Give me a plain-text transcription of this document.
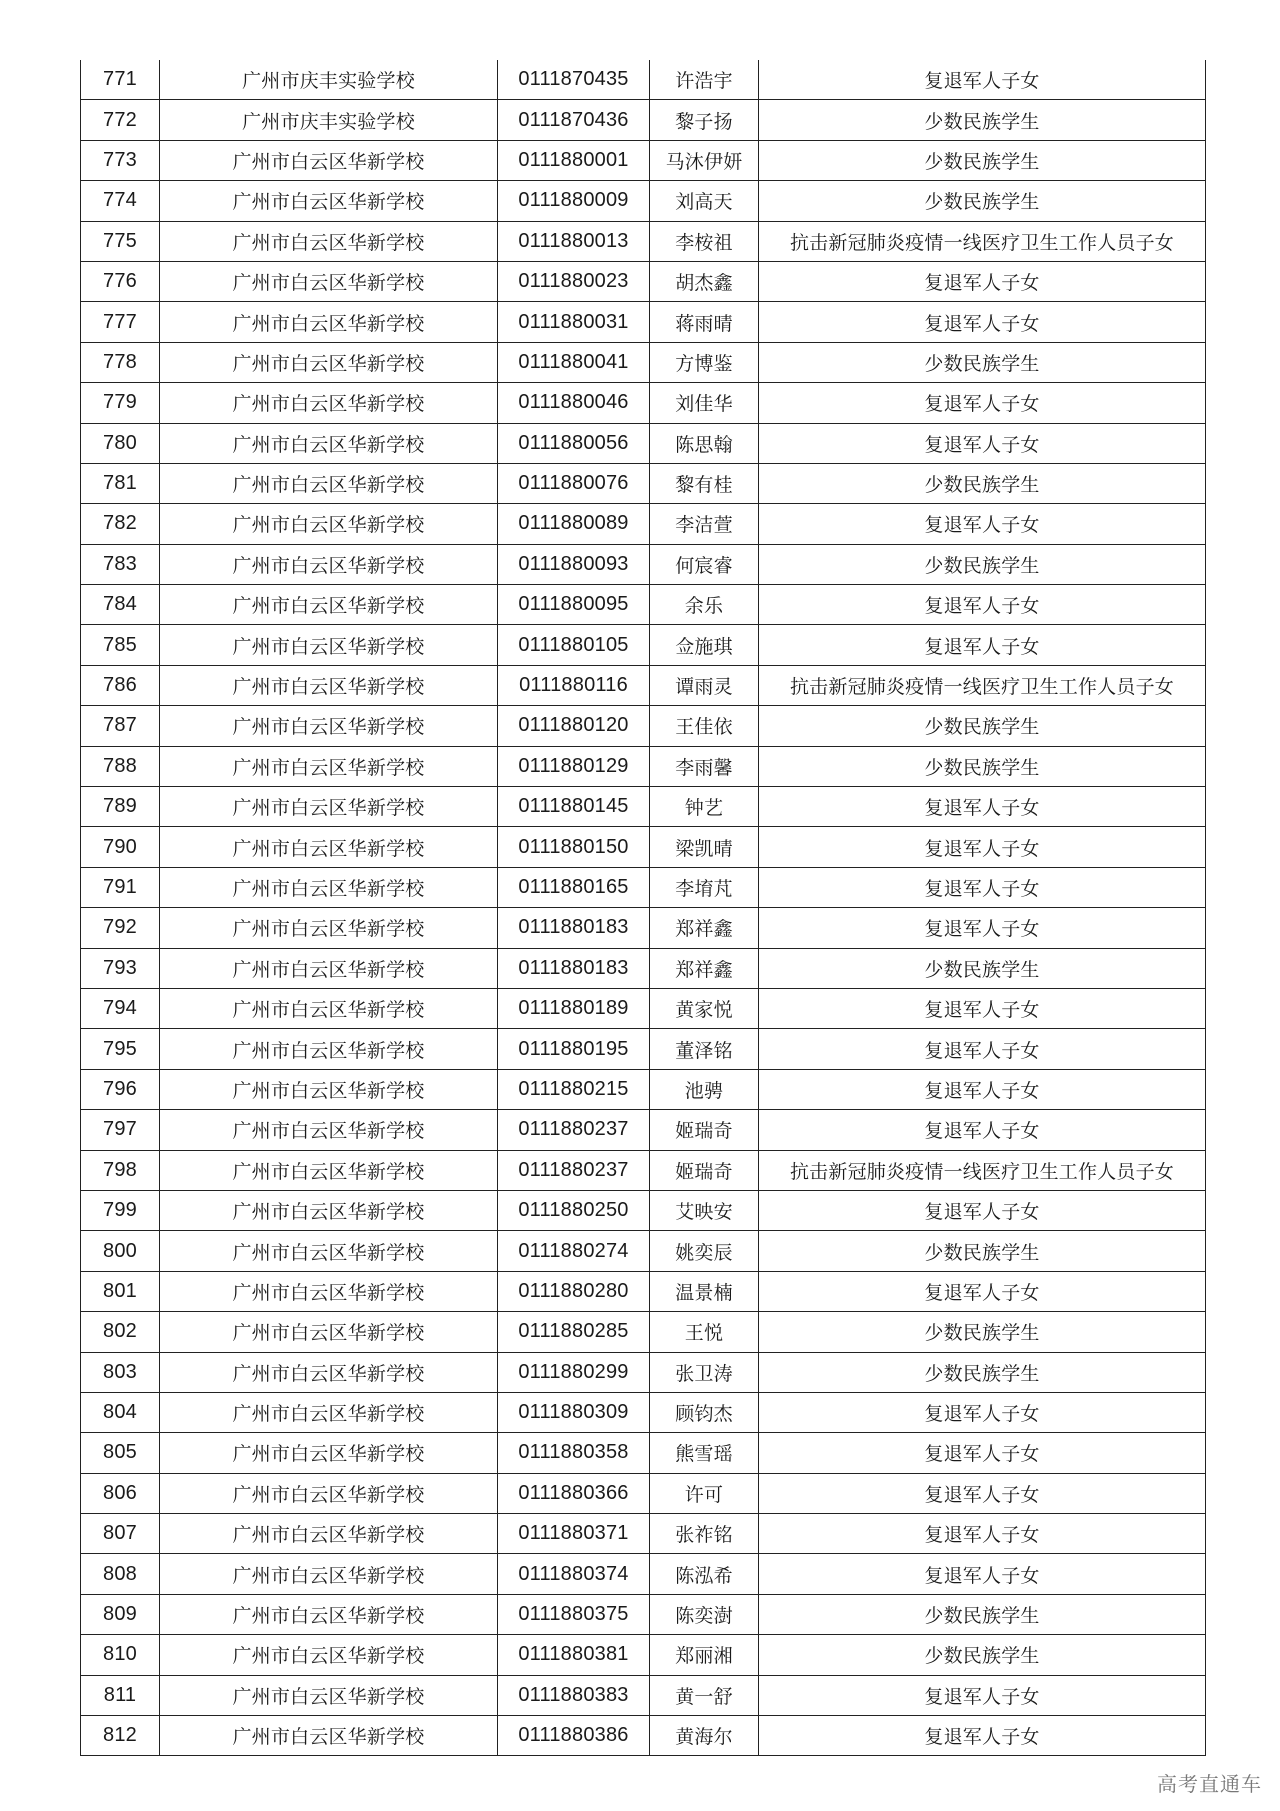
771	广州市庆丰实验学校	0111870435	许浩宇	复退军人子女
772	广州市庆丰实验学校	0111870436	黎子扬	少数民族学生
773	广州市白云区华新学校	0111880001	马沐伊妍	少数民族学生
774	广州市白云区华新学校	0111880009	刘高天	少数民族学生
775	广州市白云区华新学校	0111880013	李桉祖	抗击新冠肺炎疫情一线医疗卫生工作人员子女
776	广州市白云区华新学校	0111880023	胡杰鑫	复退军人子女
777	广州市白云区华新学校	0111880031	蒋雨晴	复退军人子女
778	广州市白云区华新学校	0111880041	方博鉴	少数民族学生
779	广州市白云区华新学校	0111880046	刘佳华	复退军人子女
780	广州市白云区华新学校	0111880056	陈思翰	复退军人子女
781	广州市白云区华新学校	0111880076	黎有桂	少数民族学生
782	广州市白云区华新学校	0111880089	李洁萱	复退军人子女
783	广州市白云区华新学校	0111880093	何宸睿	少数民族学生
784	广州市白云区华新学校	0111880095	余乐	复退军人子女
785	广州市白云区华新学校	0111880105	佥施琪	复退军人子女
786	广州市白云区华新学校	0111880116	谭雨灵	抗击新冠肺炎疫情一线医疗卫生工作人员子女
787	广州市白云区华新学校	0111880120	王佳依	少数民族学生
788	广州市白云区华新学校	0111880129	李雨馨	少数民族学生
789	广州市白云区华新学校	0111880145	钟艺	复退军人子女
790	广州市白云区华新学校	0111880150	梁凯晴	复退军人子女
791	广州市白云区华新学校	0111880165	李堉芃	复退军人子女
792	广州市白云区华新学校	0111880183	郑祥鑫	复退军人子女
793	广州市白云区华新学校	0111880183	郑祥鑫	少数民族学生
794	广州市白云区华新学校	0111880189	黄家悦	复退军人子女
795	广州市白云区华新学校	0111880195	董泽铭	复退军人子女
796	广州市白云区华新学校	0111880215	池骋	复退军人子女
797	广州市白云区华新学校	0111880237	姬瑞奇	复退军人子女
798	广州市白云区华新学校	0111880237	姬瑞奇	抗击新冠肺炎疫情一线医疗卫生工作人员子女
799	广州市白云区华新学校	0111880250	艾映安	复退军人子女
800	广州市白云区华新学校	0111880274	姚奕辰	少数民族学生
801	广州市白云区华新学校	0111880280	温景楠	复退军人子女
802	广州市白云区华新学校	0111880285	王悦	少数民族学生
803	广州市白云区华新学校	0111880299	张卫涛	少数民族学生
804	广州市白云区华新学校	0111880309	顾钧杰	复退军人子女
805	广州市白云区华新学校	0111880358	熊雪瑶	复退军人子女
806	广州市白云区华新学校	0111880366	许可	复退军人子女
807	广州市白云区华新学校	0111880371	张祚铭	复退军人子女
808	广州市白云区华新学校	0111880374	陈泓希	复退军人子女
809	广州市白云区华新学校	0111880375	陈奕澍	少数民族学生
810	广州市白云区华新学校	0111880381	郑丽湘	少数民族学生
811	广州市白云区华新学校	0111880383	黄一舒	复退军人子女
812	广州市白云区华新学校	0111880386	黄海尔	复退军人子女
高考直通车
